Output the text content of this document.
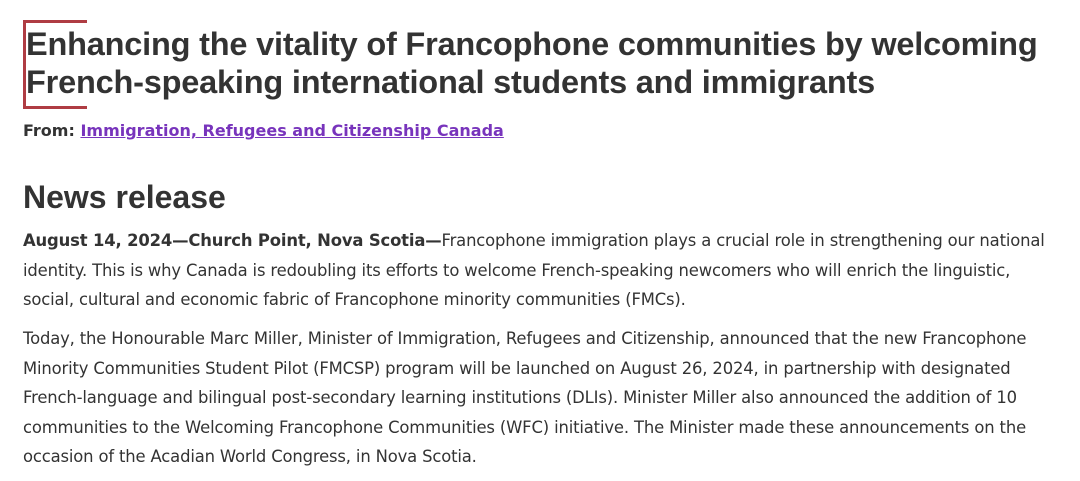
Enhancing the vitality of Francophone communities by welcoming French-speaking international students and immigrants
From: Immigration, Refugees and Citizenship Canada
News release

August 14, 2024—Church Point, Nova Scotia—Francophone immigration plays a crucial role in strengthening our national identity. This is why Canada is redoubling its efforts to welcome French-speaking newcomers who will enrich the linguistic, social, cultural and economic fabric of Francophone minority communities (FMCs).

Today, the Honourable Marc Miller, Minister of Immigration, Refugees and Citizenship, announced that the new Francophone Minority Communities Student Pilot (FMCSP) program will be launched on August 26, 2024, in partnership with designated French-language and bilingual post-secondary learning institutions (DLIs). Minister Miller also announced the addition of 10 communities to the Welcoming Francophone Communities (WFC) initiative. The Minister made these announcements on the occasion of the Acadian World Congress, in Nova Scotia.
